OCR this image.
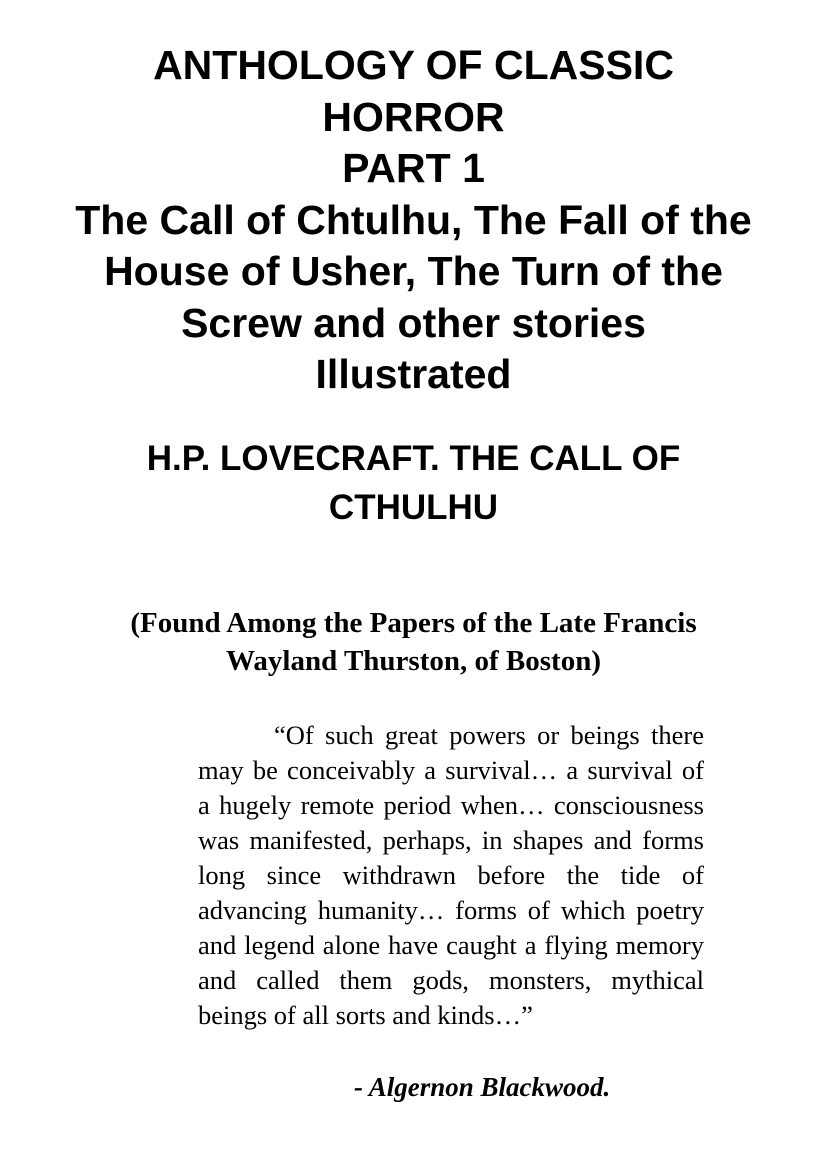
ANTHOLOGY OF CLASSIC
HORROR
PART 1
The Call of Chtulhu, The Fall of the
House of Usher, The Turn of the
Screw and other stories
Illustrated
H.P. LOVECRAFT. THE CALL OF
CTHULHU

(Found Among the Papers of the Late Francis
Wayland Thurston, of Boston)

“Of such great powers or beings there may be conceivably a survival… a survival of a hugely remote period when… consciousness was manifested, perhaps, in shapes and forms long since withdrawn before the tide of advancing humanity… forms of which poetry and legend alone have caught a flying memory and called them gods, monsters, mythical beings of all sorts and kinds…”

- Algernon Blackwood.
